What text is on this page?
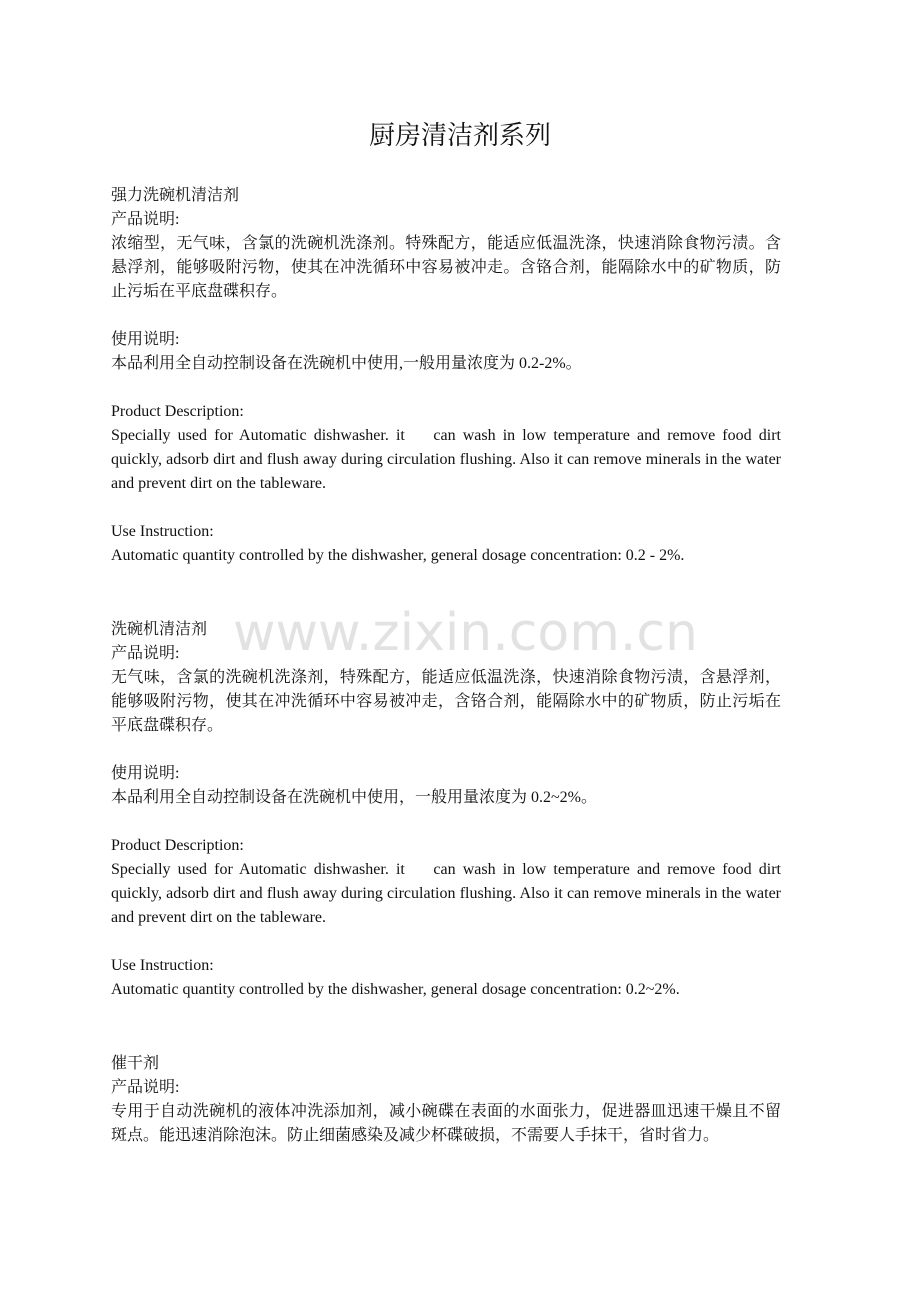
厨房清洁剂系列
强力洗碗机清洁剂
产品说明:
浓缩型，无气味，含氯的洗碗机洗涤剂。特殊配方，能适应低温洗涤，快速消除食物污渍。含悬浮剂，能够吸附污物，使其在冲洗循环中容易被冲走。含铬合剂，能隔除水中的矿物质，防止污垢在平底盘碟积存。
使用说明:
本品利用全自动控制设备在洗碗机中使用,一般用量浓度为 0.2-2%。
Product Description:
Specially used for Automatic dishwasher. it    can wash in low temperature and remove food dirt quickly, adsorb dirt and flush away during circulation flushing. Also it can remove minerals in the water and prevent dirt on the tableware.
Use Instruction:
Automatic quantity controlled by the dishwasher, general dosage concentration: 0.2 - 2%.
洗碗机清洁剂
产品说明:
无气味，含氯的洗碗机洗涤剂，特殊配方，能适应低温洗涤，快速消除食物污渍，含悬浮剂，能够吸附污物，使其在冲洗循环中容易被冲走，含铬合剂，能隔除水中的矿物质，防止污垢在平底盘碟积存。
使用说明:
本品利用全自动控制设备在洗碗机中使用，一般用量浓度为 0.2~2%。
Product Description:
Specially used for Automatic dishwasher. it    can wash in low temperature and remove food dirt quickly, adsorb dirt and flush away during circulation flushing. Also it can remove minerals in the water and prevent dirt on the tableware.
Use Instruction:
Automatic quantity controlled by the dishwasher, general dosage concentration: 0.2~2%.
催干剂
产品说明:
专用于自动洗碗机的液体冲洗添加剂，减小碗碟在表面的水面张力，促进器皿迅速干燥且不留斑点。能迅速消除泡沫。防止细菌感染及减少杯碟破损，不需要人手抹干，省时省力。
www.zixin.com.cn
